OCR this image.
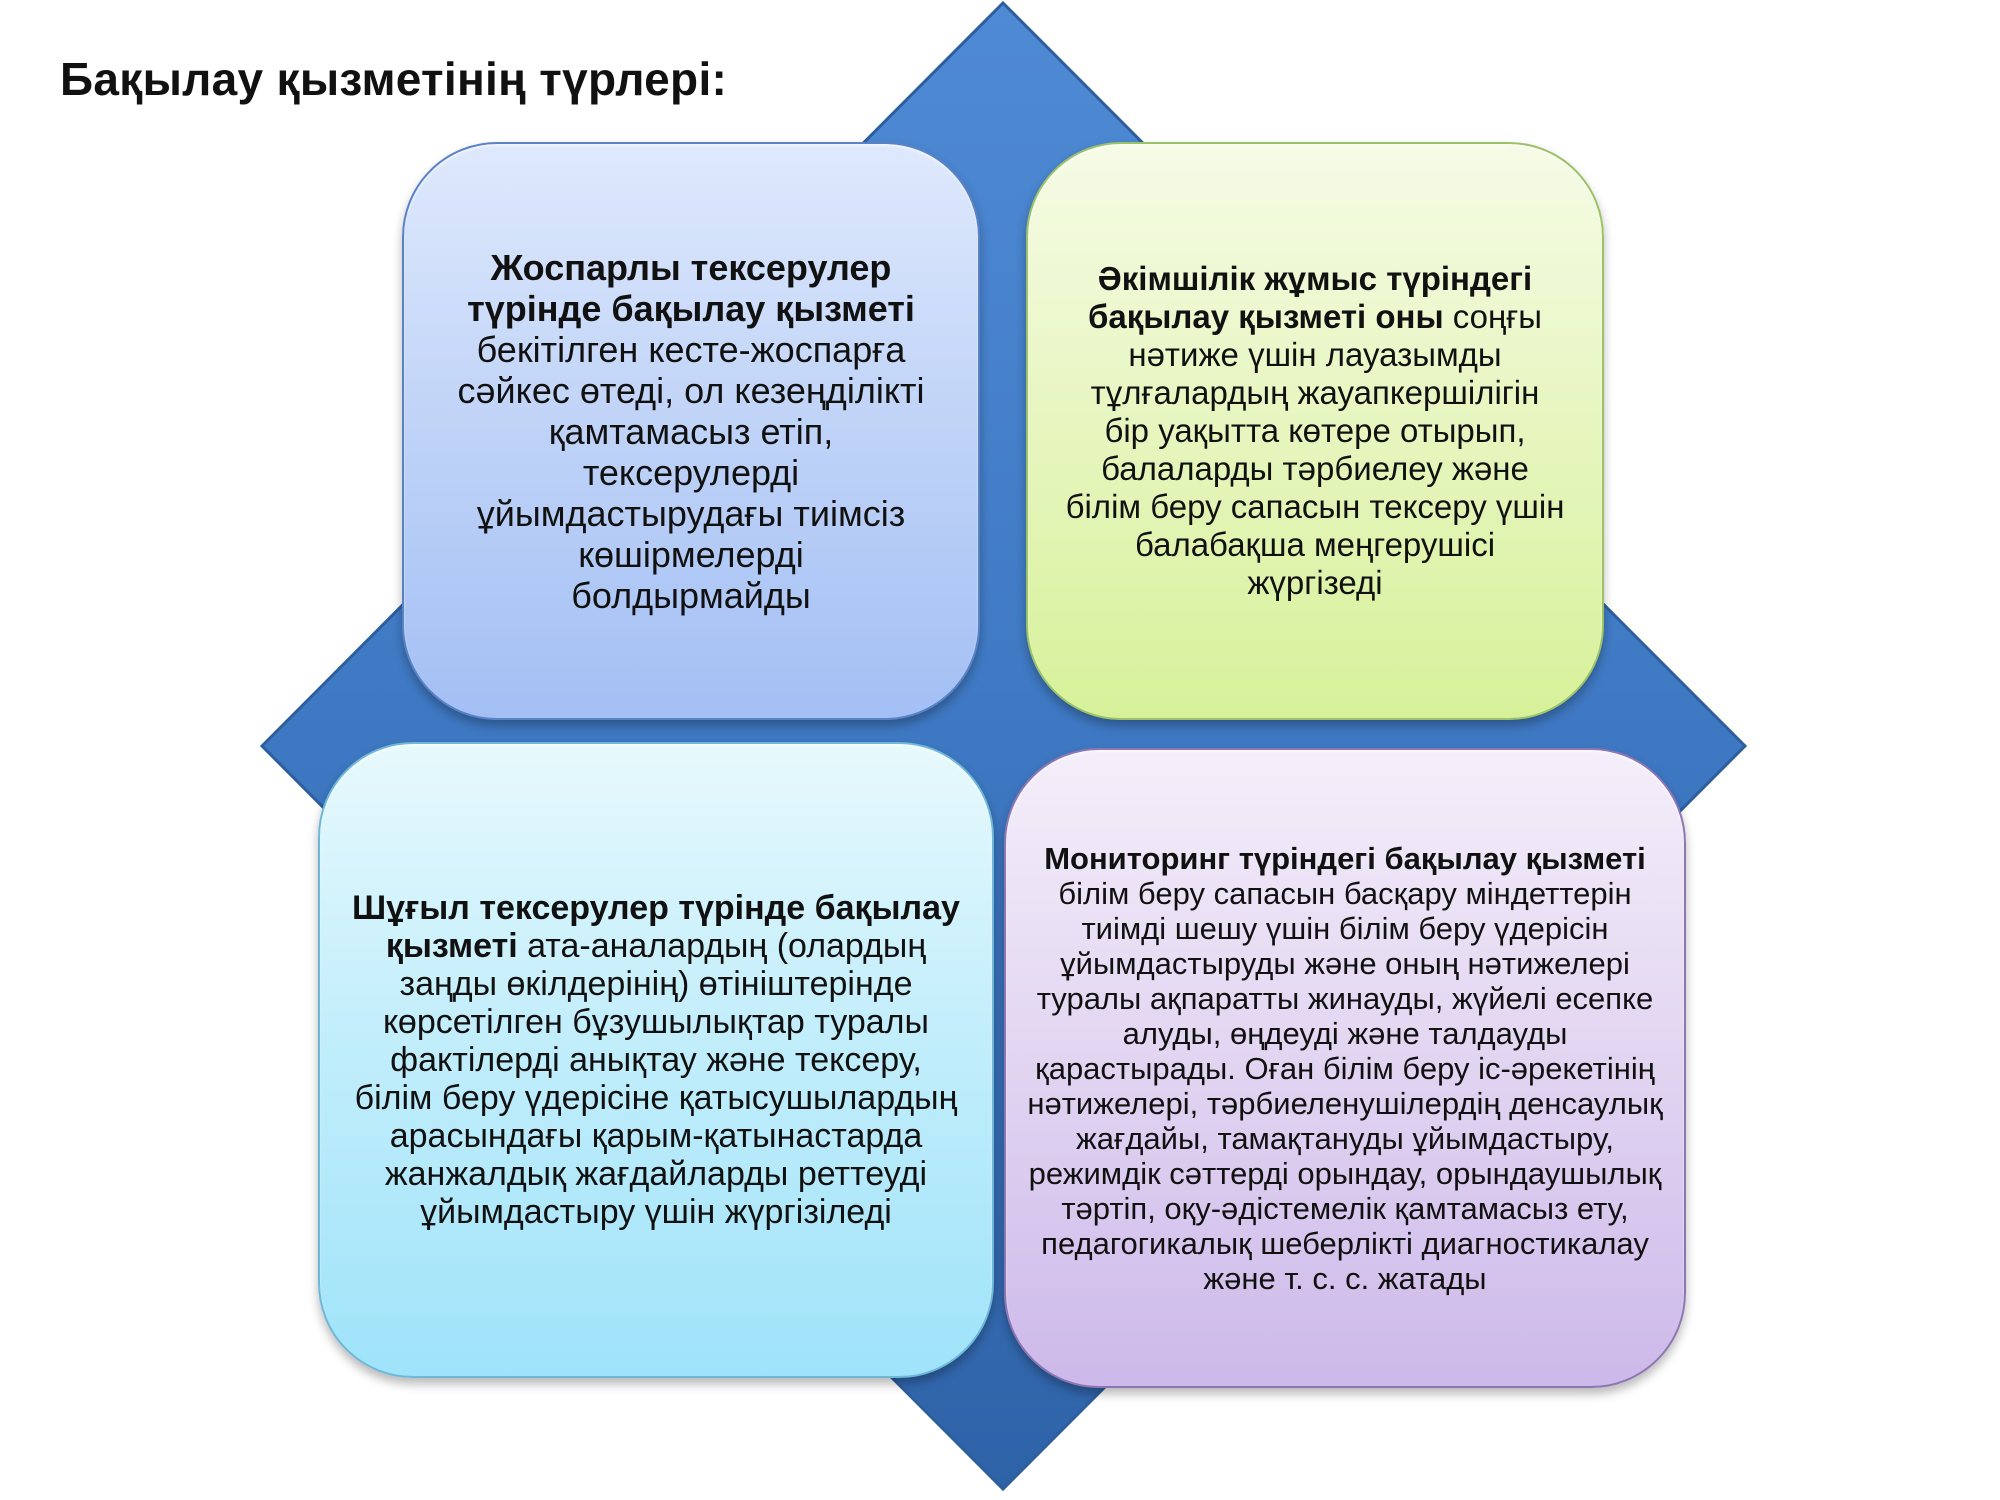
Бақылау қызметінің түрлері:
Жоспарлы тексерулер түрінде бақылау қызметі бекітілген кесте-жоспарға сәйкес өтеді, ол кезеңділікті қамтамасыз етіп, тексерулерді ұйымдастырудағы тиімсіз көшірмелерді болдырмайды
Әкімшілік жұмыс түріндегі бақылау қызметі оны соңғы нәтиже үшін лауазымды тұлғалардың жауапкершілігін бір уақытта көтере отырып, балаларды тәрбиелеу және білім беру сапасын тексеру үшін балабақша меңгерушісі жүргізеді
Шұғыл тексерулер түрінде бақылау қызметі ата-аналардың (олардың заңды өкілдерінің) өтініштерінде көрсетілген бұзушылықтар туралы фактілерді анықтау және тексеру, білім беру үдерісіне қатысушылардың арасындағы қарым-қатынастарда жанжалдық жағдайларды реттеуді ұйымдастыру үшін жүргізіледі
Мониторинг түріндегі бақылау қызметі білім беру сапасын басқару міндеттерін тиімді шешу үшін білім беру үдерісін ұйымдастыруды және оның нәтижелері туралы ақпаратты жинауды, жүйелі есепке алуды, өңдеуді және талдауды қарастырады. Оған білім беру іс-әрекетінің нәтижелері, тәрбиеленушілердің денсаулық жағдайы, тамақтануды ұйымдастыру, режимдік сәттерді орындау, орындаушылық тәртіп, оқу-әдістемелік қамтамасыз ету, педагогикалық шеберлікті диагностикалау және т. с. с. жатады
